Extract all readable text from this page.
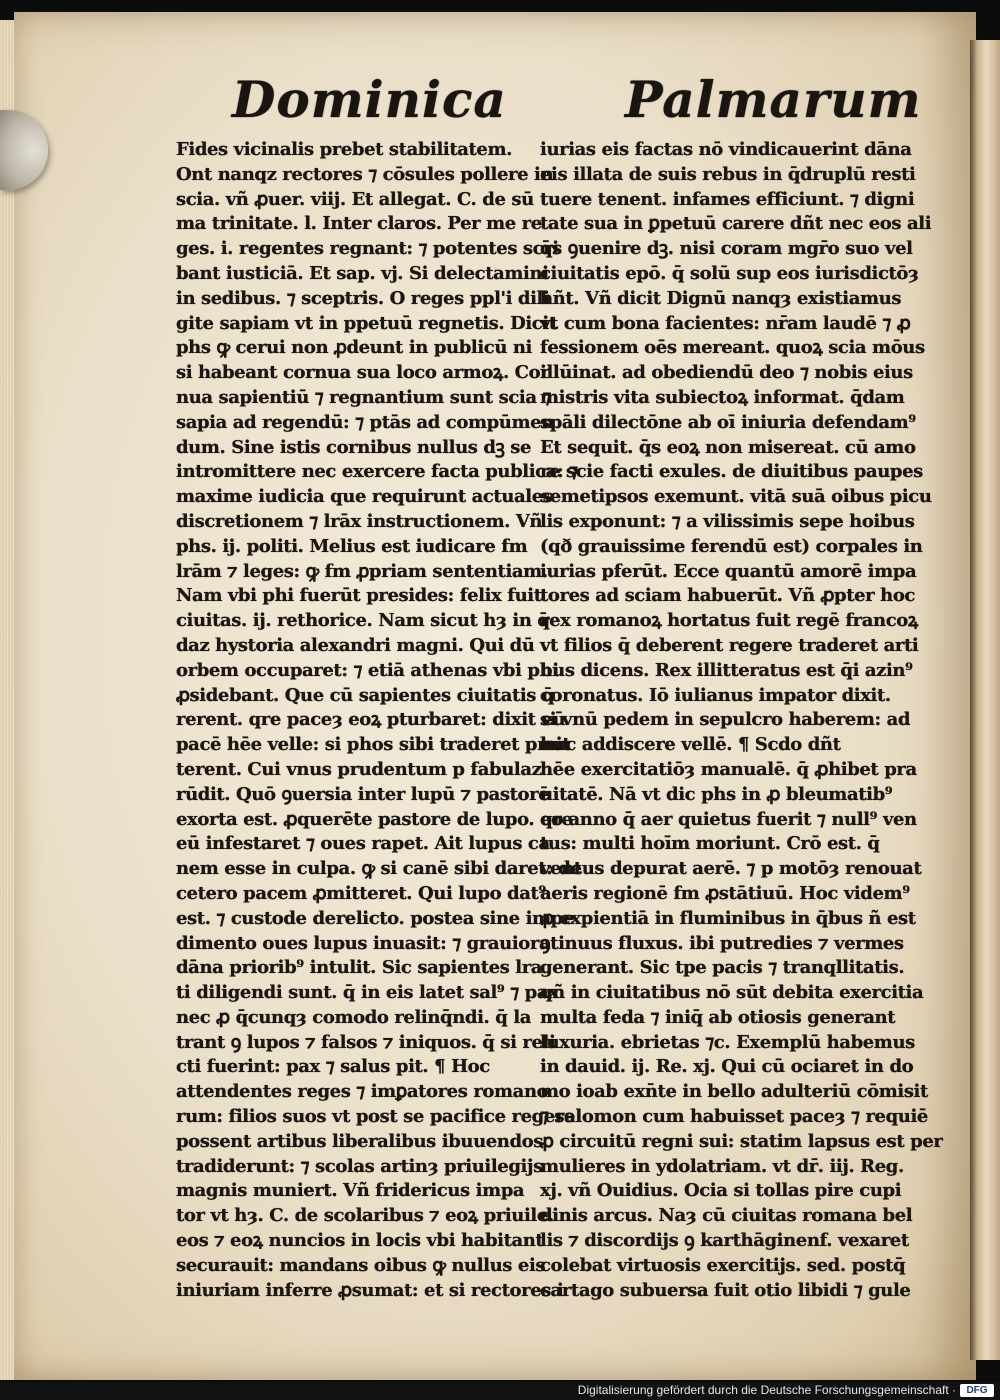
Dominica Palmarum
Fides vicinalis prebet stabilitatem.
Ont nanqz rectores ⁊ cōsules pollere in
scia. vñ ꝓuer. viij. Et allegat. C. de sū
ma trinitate. l. Inter claros. Per me re
ges. i. regentes regnant: ⁊ potentes scri
bant iusticiā. Et sap. vj. Si delectamini
in sedibus. ⁊ sceptris. O reges ppl'i dili
gite sapiam vt in ppetuū regnetis. Dicit
phs ꝙ cerui non ꝓdeunt in publicū ni
si habeant cornua sua loco armoꝝ. Cor
nua sapientiū ⁊ regnantium sunt scia ⁊
sapia ad regendū: ⁊ ptās ad compūmen
dum. Sine istis cornibus nullus dꝫ se
intromittere nec exercere facta publica: ⁊
maxime iudicia que requirunt actuales
discretionem ⁊ lrāx instructionem. Vñ
phs. ij. politi. Melius est iudicare fm
lrām ⁊ leges: ꝙ fm ꝓpriam sententiam.
Nam vbi phi fuerūt presides: felix fuit
ciuitas. ij. rethorice. Nam sicut hȝ in q̄
daz hystoria alexandri magni. Qui dū
orbem occuparet: ⁊ etiā athenas vbi phi
ꝓsidebant. Que cū sapientes ciuitatis q̄
rerent. qre paceȝ eoꝝ pturbaret: dixit eū
pacē hēe velle: si phos sibi traderet pmit
terent. Cui vnus prudentum p fabulaz
rūdit. Quō ꝯuersia inter lupū ⁊ pastorē
exorta est. ꝓquerēte pastore de lupo. qre
eū infestaret ⁊ oues rapet. Ait lupus ca
nem esse in culpa. ꝙ si canē sibi daret: de
cetero pacem ꝓmitteret. Qui lupo dat⁹
est. ⁊ custode derelicto. postea sine impe
dimento oues lupus inuasit: ⁊ grauiora
dāna priorib⁹ intulit. Sic sapientes lra
ti diligendi sunt. q̄ in eis latet sal⁹ ⁊ pax
nec ꝓ q̄cunqȝ comodo relinq̄ndi. q̄ la
trant ꝯ lupos ⁊ falsos ⁊ iniquos. q̄ si reli
cti fuerint: pax ⁊ salus pit. ¶ Hoc
attendentes reges ⁊ imꝑatores romano
rum: filios suos vt post se pacifice regere
possent artibus liberalibus ibuuendos
tradiderunt: ⁊ scolas artinȝ priuilegijs
magnis muniert. Vñ fridericus impa
tor vt hȝ. C. de scolaribus ⁊ eoꝝ priuile.
eos ⁊ eoꝝ nuncios in locis vbi habitant
securauit: mandans oibus ꝙ nullus eis
iniuriam inferre ꝓsumat: et si rectores i
iurias eis factas nō vindicauerint dāna
eis illata de suis rebus in q̄druplū resti
tuere tenent. infames efficiunt. ⁊ digni
tate sua in ꝑpetuū carere dñt nec eos ali
q̄s ꝯuenire dꝫ. nisi coram mgr̄o suo vel
ciuitatis epō. q̄ solū sup eos iurisdictōȝ
hñt. Vñ dicit Dignū nanqȝ existiamus
vt cum bona facientes: nr̄am laudē ⁊ ꝓ
fessionem oēs mereant. quoꝝ scia mōus
illūinat. ad obediendū deo ⁊ nobis eius
mistris vita subiectoꝝ informat. q̄dam
spāli dilectōne ab oī iniuria defendam⁹
Et sequit. q̄s eoꝝ non misereat. cū amo
re scie facti exules. de diuitibus paupes
semetipsos exemunt. vitā suā oibus picu
lis exponunt: ⁊ a vilissimis sepe hoibus
(qð grauissime ferendū est) corpales in
iurias pferūt. Ecce quantū amorē impa
tores ad sciam habuerūt. Vñ ꝓpter hoc
rex romanoꝝ hortatus fuit regē francoꝝ
vt filios q̄ deberent regere traderet arti
bus dicens. Rex illitteratus est q̄i azin⁹
coronatus. Iō iulianus impator dixit.
si vnū pedem in sepulcro haberem: ad
huc addiscere vellē. ¶ Scdo dñt
hēe exercitatiōȝ manualē. q̄ ꝓhibet pra
uitatē. Nā vt dic phs in ꝓ bleumatib⁹
eo anno q̄ aer quietus fuerit ⁊ null⁹ ven
tus: multi hoīm moriunt. Crō est. q̄
ventus depurat aerē. ⁊ p motōȝ renouat
aeris regionē fm ꝓstātiuū. Hoc videm⁹
ꝓ expientiā in fluminibus in q̄bus ñ est
ꝯtinuus fluxus. ibi putredies ⁊ vermes
generant. Sic tpe pacis ⁊ tranqllitatis.
qñ in ciuitatibus nō sūt debita exercitia
multa feda ⁊ iniq̄ ab otiosis generant
luxuria. ebrietas ⁊c. Exemplū habemus
in dauid. ij. Re. xj. Qui cū ociaret in do
mo ioab exn̄te in bello adulteriū cōmisit
⁊ salomon cum habuisset paceȝ ⁊ requiē
ꝓ circuitū regni sui: statim lapsus est per
mulieres in ydolatriam. vt dr̄. iij. Reg.
xj. vñ Ouidius. Ocia si tollas pire cupi
dinis arcus. Naȝ cū ciuitas romana bel
lis ⁊ discordijs ꝯ karthāginenf. vexaret
colebat virtuosis exercitijs. sed. postq̄
cartago subuersa fuit otio libidi ⁊ gule
Digitalisierung gefördert durch die Deutsche Forschungsgemeinschaft ·	DFG
